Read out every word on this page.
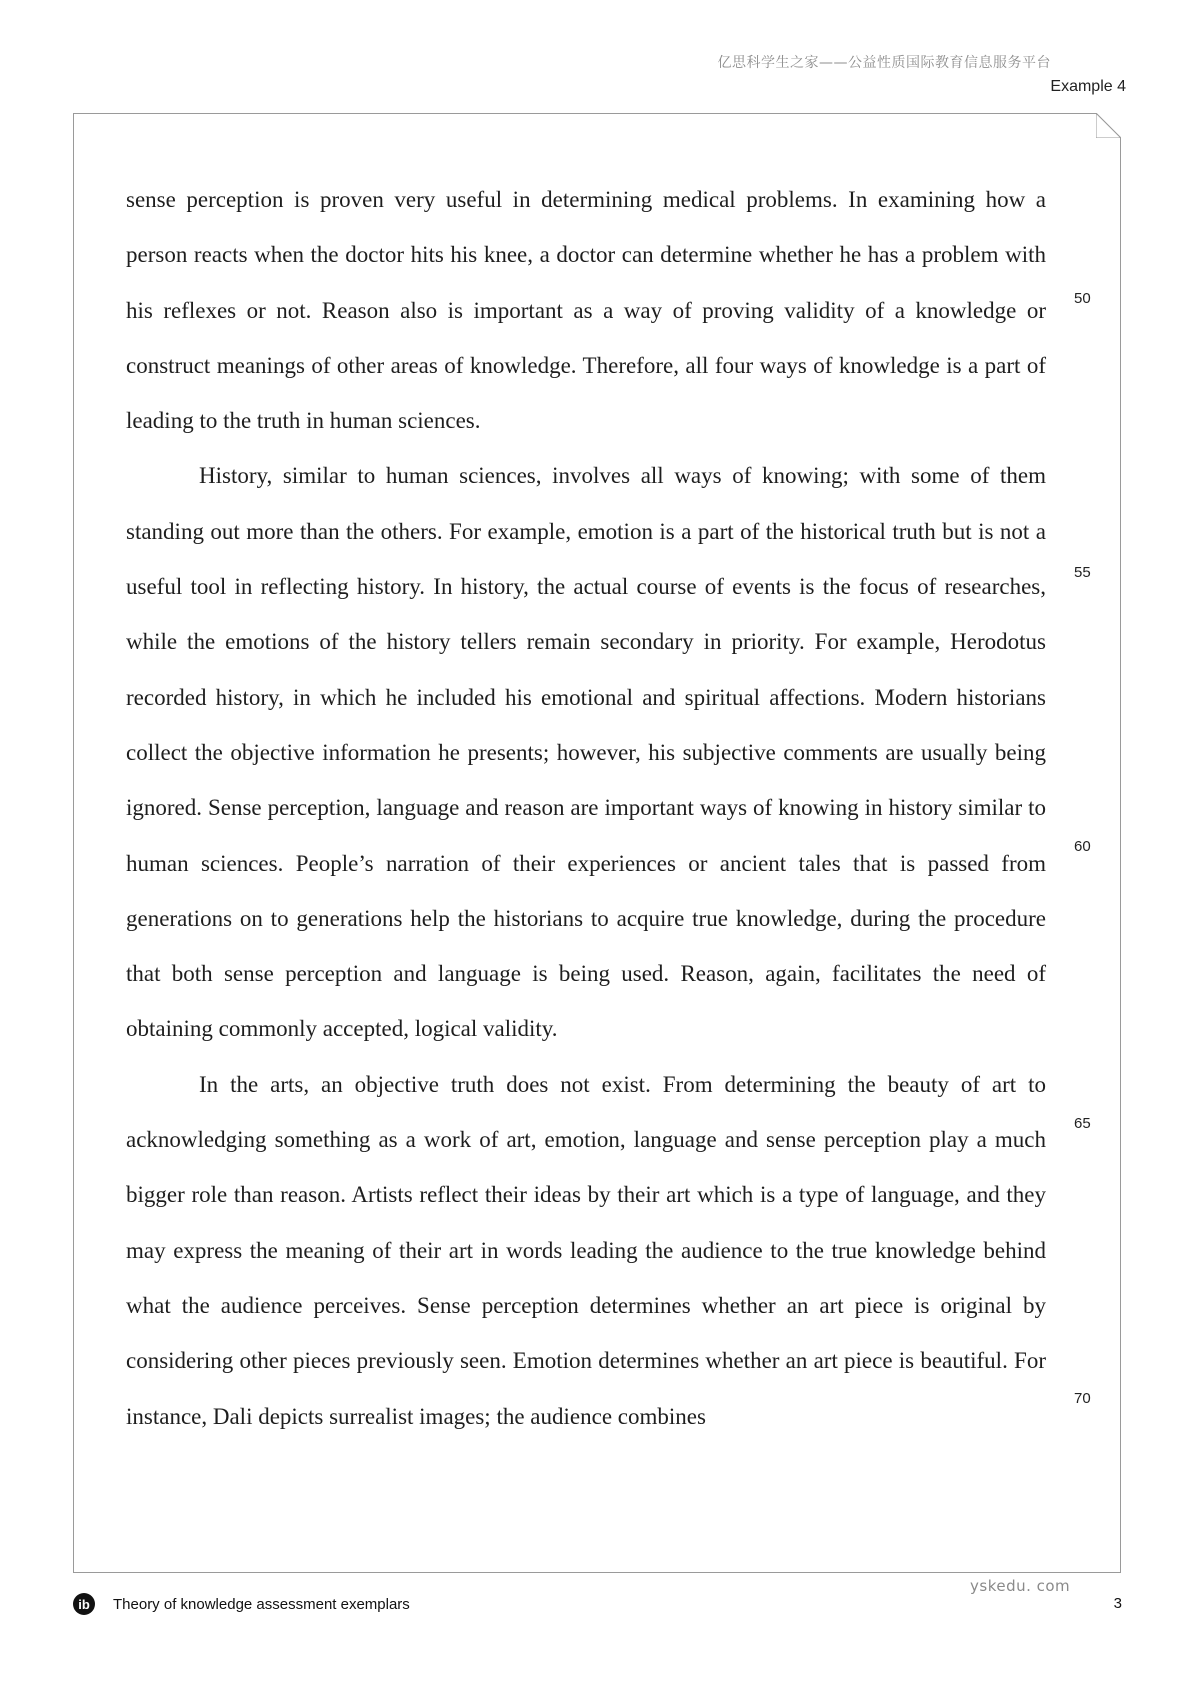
亿思科学生之家——公益性质国际教育信息服务平台
Example 4

sense perception is proven very useful in determining medical problems. In examining how a person reacts when the doctor hits his knee, a doctor can determine whether he has a problem with his reflexes or not. Reason also is important as a way of proving validity of a knowledge or construct meanings of other areas of knowledge. Therefore, all four ways of knowledge is a part of leading to the truth in human sciences.

History, similar to human sciences, involves all ways of knowing; with some of them standing out more than the others. For example, emotion is a part of the historical truth but is not a useful tool in reflecting history. In history, the actual course of events is the focus of researches, while the emotions of the history tellers remain secondary in priority. For example, Herodotus recorded history, in which he included his emotional and spiritual affections. Modern historians collect the objective information he presents; however, his subjective comments are usually being ignored. Sense perception, language and reason are important ways of knowing in history similar to human sciences. People’s narration of their experiences or ancient tales that is passed from generations on to generations help the historians to acquire true knowledge, during the procedure that both sense perception and language is being used. Reason, again, facilitates the need of obtaining commonly accepted, logical validity.

In the arts, an objective truth does not exist. From determining the beauty of art to acknowledging something as a work of art, emotion, language and sense perception play a much bigger role than reason. Artists reflect their ideas by their art which is a type of language, and they may express the meaning of their art in words leading the audience to the true knowledge behind what the audience perceives. Sense perception determines whether an art piece is original by considering other pieces previously seen. Emotion determines whether an art piece is beautiful. For instance, Dali depicts surrealist images; the audience combines

50
55
60
65
70
yskedu. com
ib	Theory of knowledge assessment exemplars	3
